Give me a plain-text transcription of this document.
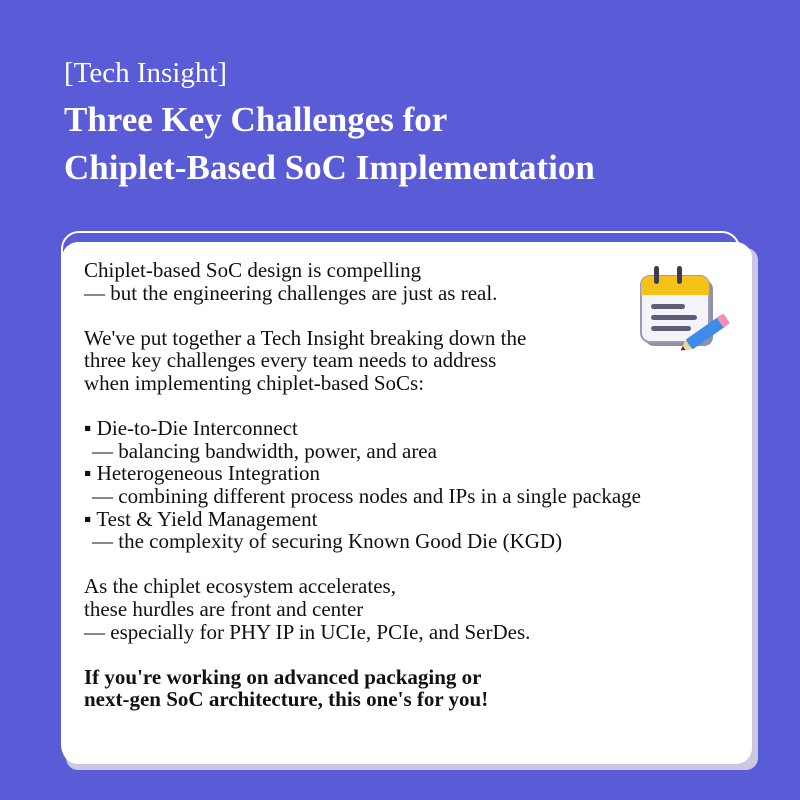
[Tech Insight]

Three Key Challenges for
Chiplet-Based SoC Implementation

Chiplet-based SoC design is compelling

— but the engineering challenges are just as real.

We've put together a Tech Insight breaking down the

three key challenges every team needs to address

when implementing chiplet-based SoCs:

▪ Die-to-Die Interconnect

— balancing bandwidth, power, and area

▪ Heterogeneous Integration

— combining different process nodes and IPs in a single package

▪ Test & Yield Management

— the complexity of securing Known Good Die (KGD)

As the chiplet ecosystem accelerates,

these hurdles are front and center

— especially for PHY IP in UCIe, PCIe, and SerDes.

If you're working on advanced packaging or

next-gen SoC architecture, this one's for you!
